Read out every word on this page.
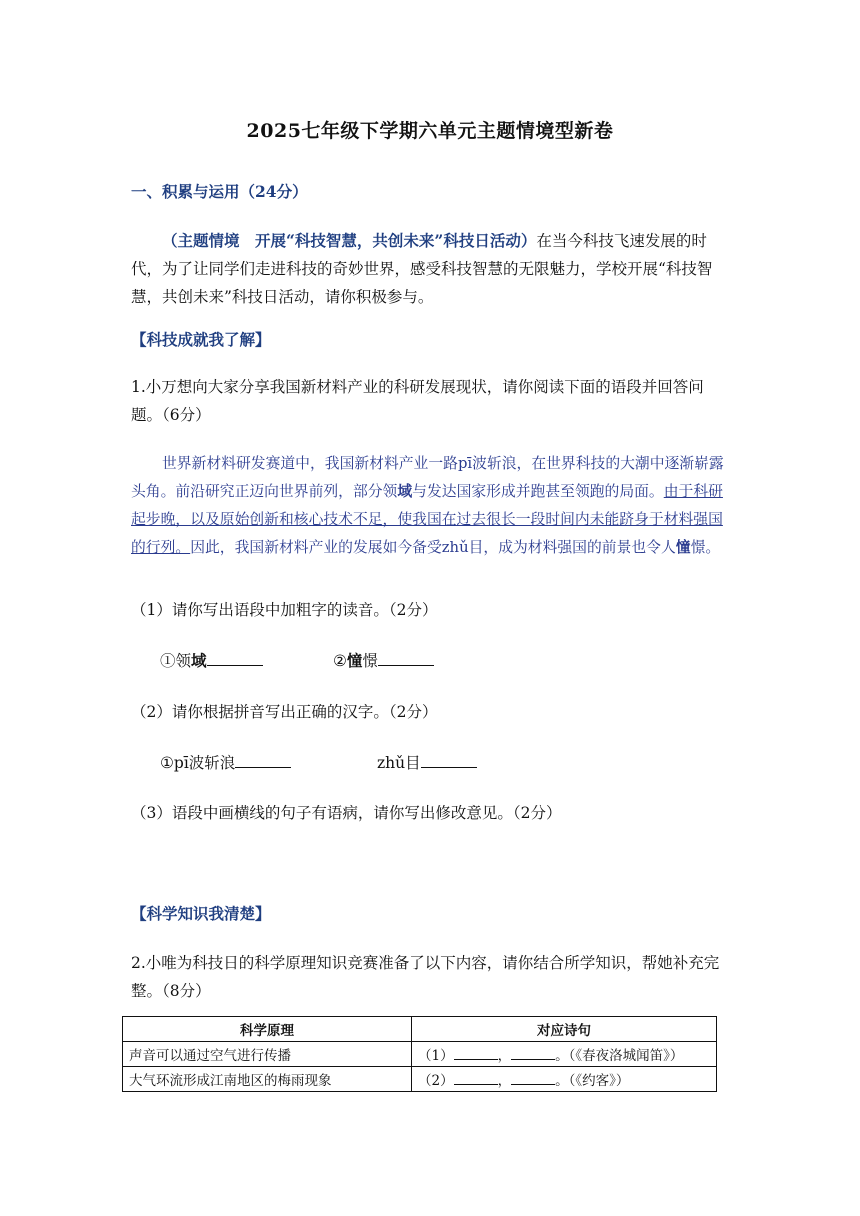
2025七年级下学期六单元主题情境型新卷
一、积累与运用（24分）
（主题情境　开展“科技智慧，共创未来”科技日活动）在当今科技飞速发展的时代，为了让同学们走进科技的奇妙世界，感受科技智慧的无限魅力，学校开展“科技智慧，共创未来”科技日活动，请你积极参与。
【科技成就我了解】
1.小万想向大家分享我国新材料产业的科研发展现状，请你阅读下面的语段并回答问题。（6分）
世界新材料研发赛道中，我国新材料产业一路pī波斩浪，在世界科技的大潮中逐渐崭露头角。前沿研究正迈向世界前列，部分领域与发达国家形成并跑甚至领跑的局面。由于科研起步晚，以及原始创新和核心技术不足，使我国在过去很长一段时间内未能跻身于材料强国的行列。因此，我国新材料产业的发展如今备受zhǔ目，成为材料强国的前景也令人憧憬。
（1）请你写出语段中加粗字的读音。（2分）
①领域	②憧憬
（2）请你根据拼音写出正确的汉字。（2分）
①pī波斩浪	zhǔ目
（3）语段中画横线的句子有语病，请你写出修改意见。（2分）
【科学知识我清楚】
2.小唯为科技日的科学原理知识竞赛准备了以下内容，请你结合所学知识，帮她补充完整。（8分）
科学原理	对应诗句
声音可以通过空气进行传播	（1） ， 。（《春夜洛城闻笛》）
大气环流形成江南地区的梅雨现象	（2） ， 。（《约客》）
